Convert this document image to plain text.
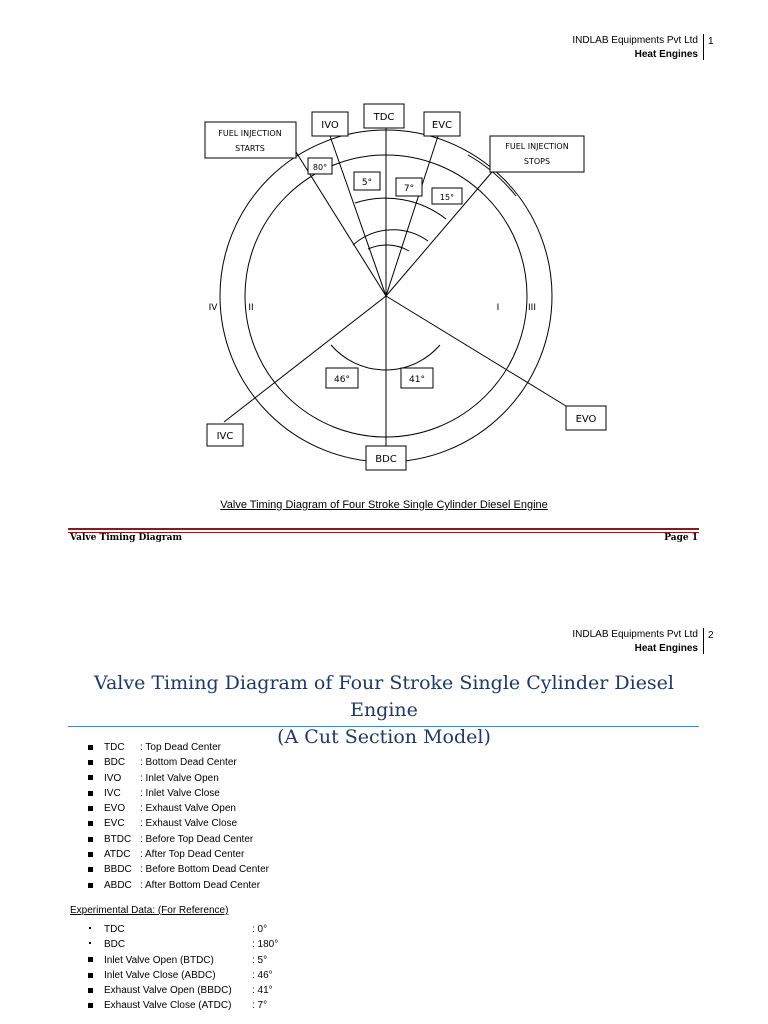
INDLAB Equipments Pvt Ltd
Heat Engines
1
TDC
IVO	EVC
BDC
IVC
EVO
FUEL INJECTION
STARTS	FUEL INJECTION
STOPS
80°
5°
7°
15°
46°	41°
IV	II	I	III
Valve Timing Diagram of Four Stroke Single Cylinder Diesel Engine
Valve Timing Diagram	Page 1
INDLAB Equipments Pvt Ltd
Heat Engines
2
Valve Timing Diagram of Four Stroke Single Cylinder Diesel Engine
(A Cut Section Model)
TDC : Top Dead Center
BDC : Bottom Dead Center
IVO : Inlet Valve Open
IVC : Inlet Valve Close
EVO : Exhaust Valve Open
EVC : Exhaust Valve Close
BTDC : Before Top Dead Center
ATDC : After Top Dead Center
BBDC : Before Bottom Dead Center
ABDC : After Bottom Dead Center
Experimental Data: (For Reference)
TDC	: 0°
BDC	: 180°
Inlet Valve Open (BTDC)	: 5°
Inlet Valve Close (ABDC)	: 46°
Exhaust Valve Open (BBDC) : 41°
Exhaust Valve Close (ATDC) : 7°
